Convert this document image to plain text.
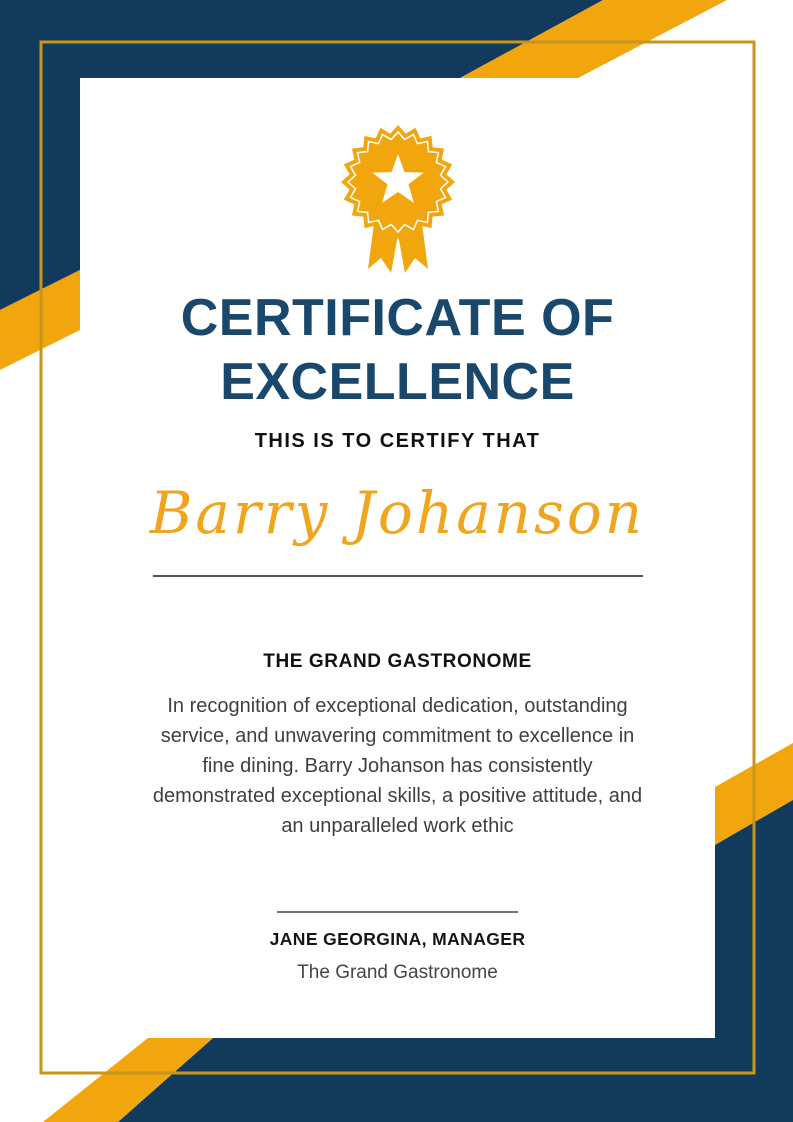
CERTIFICATE OF
EXCELLENCE
THIS IS TO CERTIFY THAT
Barry Johanson
THE GRAND GASTRONOME
In recognition of exceptional dedication, outstanding service, and unwavering commitment to excellence in fine dining. Barry Johanson has consistently demonstrated exceptional skills, a positive attitude, and an unparalleled work ethic
JANE GEORGINA, MANAGER
The Grand Gastronome
